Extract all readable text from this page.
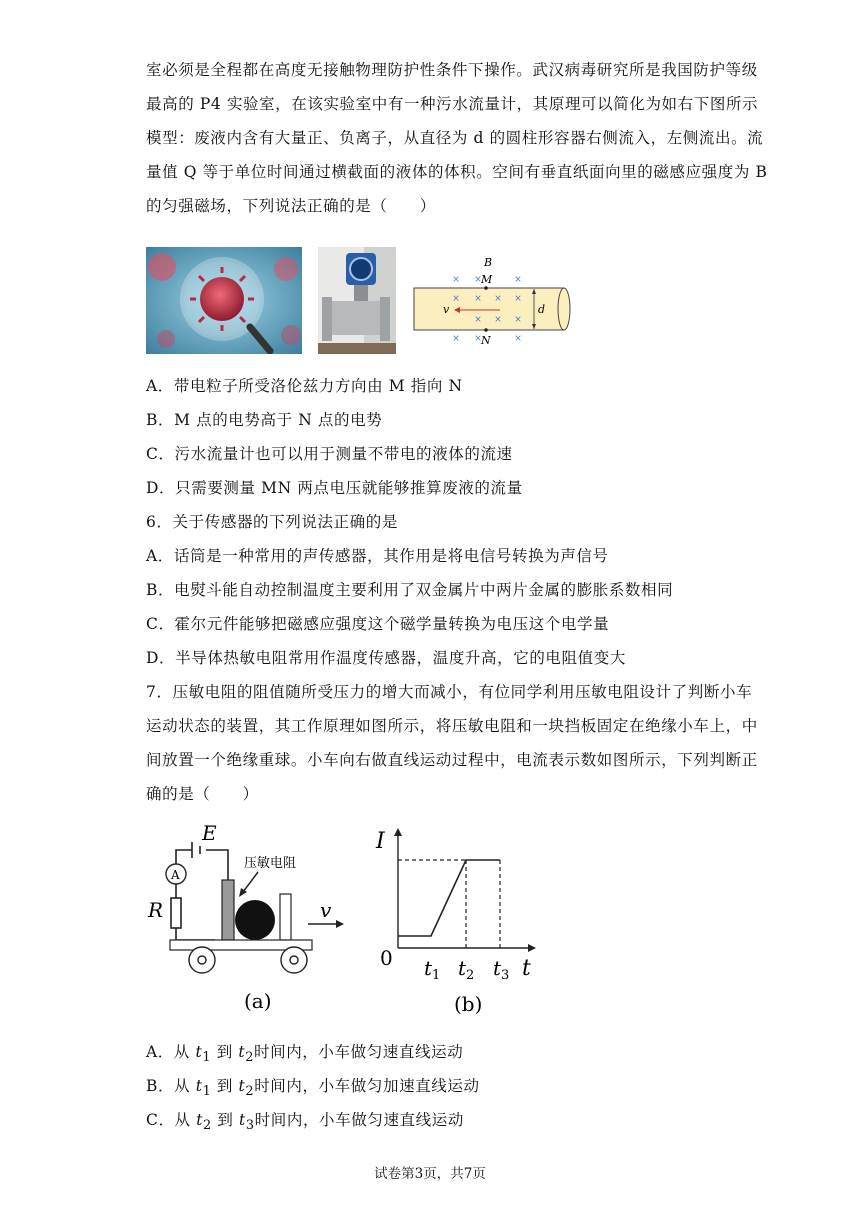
室必须是全程都在高度无接触物理防护性条件下操作。武汉病毒研究所是我国防护等级
最高的 P4 实验室，在该实验室中有一种污水流量计，其原理可以简化为如右下图所示
模型：废液内含有大量正、负离子，从直径为 d 的圆柱形容器右侧流入，左侧流出。流
量值 Q 等于单位时间通过横截面的液体的体积。空间有垂直纸面向里的磁感应强度为 B
的匀强磁场，下列说法正确的是（　　）
× ×	×
× × × ×
× × ×
× ×	×
B
M
N
v	d
A．带电粒子所受洛伦兹力方向由 M 指向 N
B．M 点的电势高于 N 点的电势
C．污水流量计也可以用于测量不带电的液体的流速
D．只需要测量 MN 两点电压就能够推算废液的流量
6．关于传感器的下列说法正确的是
A．话筒是一种常用的声传感器，其作用是将电信号转换为声信号
B．电熨斗能自动控制温度主要利用了双金属片中两片金属的膨胀系数相同
C．霍尔元件能够把磁感应强度这个磁学量转换为电压这个电学量
D．半导体热敏电阻常用作温度传感器，温度升高，它的电阻值变大
7．压敏电阻的阻值随所受压力的增大而减小，有位同学利用压敏电阻设计了判断小车
运动状态的装置，其工作原理如图所示，将压敏电阻和一块挡板固定在绝缘小车上，中
间放置一个绝缘重球。小车向右做直线运动过程中，电流表示数如图所示，下列判断正
确的是（　　）
A
E
R
压敏电阻
v
(a)
I
t
0 $t_1$ $t_2$ $t_3$
(b)
A．从 $t_1$ 到 $t_2$时间内，小车做匀速直线运动
B．从 $t_1$ 到 $t_2$时间内，小车做匀加速直线运动
C．从 $t_2$ 到 $t_3$时间内，小车做匀速直线运动
试卷第3页，共7页
